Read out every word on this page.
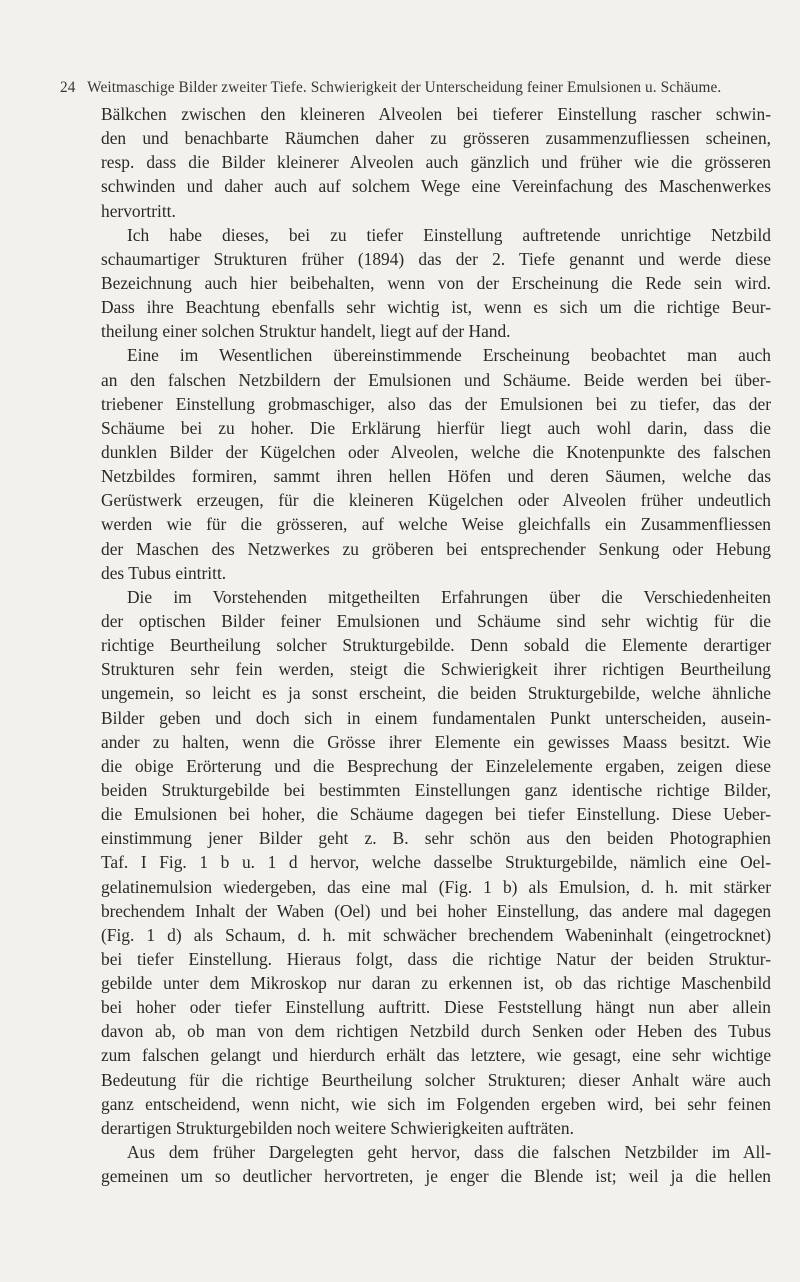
24 Weitmaschige Bilder zweiter Tiefe. Schwierigkeit der Unterscheidung feiner Emulsionen u. Schäume.
Bälkchen zwischen den kleineren Alveolen bei tieferer Einstellung rascher schwin-
den und benachbarte Räumchen daher zu grösseren zusammenzufliessen scheinen,
resp. dass die Bilder kleinerer Alveolen auch gänzlich und früher wie die grösseren
schwinden und daher auch auf solchem Wege eine Vereinfachung des Maschenwerkes
hervortritt.
Ich habe dieses, bei zu tiefer Einstellung auftretende unrichtige Netzbild
schaumartiger Strukturen früher (1894) das der 2. Tiefe genannt und werde diese
Bezeichnung auch hier beibehalten, wenn von der Erscheinung die Rede sein wird.
Dass ihre Beachtung ebenfalls sehr wichtig ist, wenn es sich um die richtige Beur-
theilung einer solchen Struktur handelt, liegt auf der Hand.
Eine im Wesentlichen übereinstimmende Erscheinung beobachtet man auch
an den falschen Netzbildern der Emulsionen und Schäume. Beide werden bei über-
triebener Einstellung grobmaschiger, also das der Emulsionen bei zu tiefer, das der
Schäume bei zu hoher. Die Erklärung hierfür liegt auch wohl darin, dass die
dunklen Bilder der Kügelchen oder Alveolen, welche die Knotenpunkte des falschen
Netzbildes formiren, sammt ihren hellen Höfen und deren Säumen, welche das
Gerüstwerk erzeugen, für die kleineren Kügelchen oder Alveolen früher undeutlich
werden wie für die grösseren, auf welche Weise gleichfalls ein Zusammenfliessen
der Maschen des Netzwerkes zu gröberen bei entsprechender Senkung oder Hebung
des Tubus eintritt.
Die im Vorstehenden mitgetheilten Erfahrungen über die Verschiedenheiten
der optischen Bilder feiner Emulsionen und Schäume sind sehr wichtig für die
richtige Beurtheilung solcher Strukturgebilde. Denn sobald die Elemente derartiger
Strukturen sehr fein werden, steigt die Schwierigkeit ihrer richtigen Beurtheilung
ungemein, so leicht es ja sonst erscheint, die beiden Strukturgebilde, welche ähnliche
Bilder geben und doch sich in einem fundamentalen Punkt unterscheiden, ausein-
ander zu halten, wenn die Grösse ihrer Elemente ein gewisses Maass besitzt. Wie
die obige Erörterung und die Besprechung der Einzelelemente ergaben, zeigen diese
beiden Strukturgebilde bei bestimmten Einstellungen ganz identische richtige Bilder,
die Emulsionen bei hoher, die Schäume dagegen bei tiefer Einstellung. Diese Ueber-
einstimmung jener Bilder geht z. B. sehr schön aus den beiden Photographien
Taf. I Fig. 1 b u. 1 d hervor, welche dasselbe Strukturgebilde, nämlich eine Oel-
gelatinemulsion wiedergeben, das eine mal (Fig. 1 b) als Emulsion, d. h. mit stärker
brechendem Inhalt der Waben (Oel) und bei hoher Einstellung, das andere mal dagegen
(Fig. 1 d) als Schaum, d. h. mit schwächer brechendem Wabeninhalt (eingetrocknet)
bei tiefer Einstellung. Hieraus folgt, dass die richtige Natur der beiden Struktur-
gebilde unter dem Mikroskop nur daran zu erkennen ist, ob das richtige Maschenbild
bei hoher oder tiefer Einstellung auftritt. Diese Feststellung hängt nun aber allein
davon ab, ob man von dem richtigen Netzbild durch Senken oder Heben des Tubus
zum falschen gelangt und hierdurch erhält das letztere, wie gesagt, eine sehr wichtige
Bedeutung für die richtige Beurtheilung solcher Strukturen; dieser Anhalt wäre auch
ganz entscheidend, wenn nicht, wie sich im Folgenden ergeben wird, bei sehr feinen
derartigen Strukturgebilden noch weitere Schwierigkeiten aufträten.
Aus dem früher Dargelegten geht hervor, dass die falschen Netzbilder im All-
gemeinen um so deutlicher hervortreten, je enger die Blende ist; weil ja die hellen
